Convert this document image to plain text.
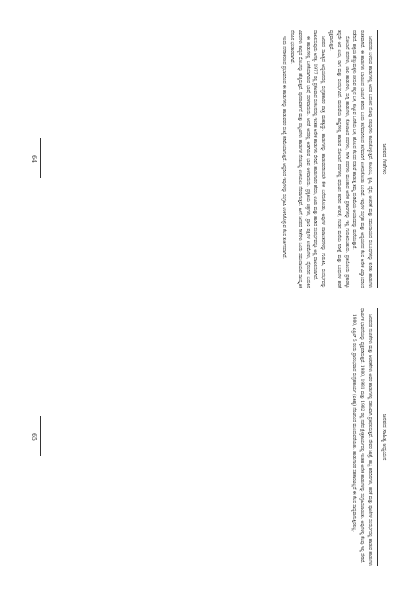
ಜನಪದ ಗೀತೆಗಳು

ಜನಪದರು ಬಳಸುವ ಹಾಡುಗಳಲ್ಲಿ ಅವರ ಬದುಕಿನ ನೋವು ನಲಿವುಗಳು ಕಾಣಿಸಿಕೊಳ್ಳುತ್ತವೆ. ಕುಟುಂಬ, ಕೃಷಿ, ದೈವ, ಆಚರಣೆ ಮತ್ತು ಸಮುದಾಯದ ಸಂಬಂಧಗಳನ್ನು ಕುರಿತು ಹಾಡುಗಳು ರಚಿತವಾಗಿವೆ. ಈ ಹಾಡುಗಳು ಬಾಯಿಂದ ಬಾಯಿಗೆ ಹರಿದು ಬಂದು ತಲೆಮಾರಿನಿಂದ ತಲೆಮಾರಿಗೆ ಉಳಿದುಕೊಂಡು ಬಂದಿವೆ. ಇವುಗಳ ಸಂಗ್ರಹ ಮತ್ತು ಅಧ್ಯಯನದ ಕೆಲಸ ಅನೇಕ ವಿದ್ವಾಂಸರಿಂದ ನಡೆದಿದೆ. ಹಳ್ಳಿಯ ಹೆಣ್ಣುಮಕ್ಕಳು ಬೀಸುವ ಕಲ್ಲಿನ ಬಳಿ, ಕುಟ್ಟುವ ಒನಕೆಯ ಬಳಿ, ಹೊಲದ ಕೆಲಸದ ನಡುವೆ ಹಾಡುತ್ತ ತಮ್ಮ ದುಡಿಮೆಯ ಆಯಾಸವನ್ನು ಮರೆಯುತ್ತಾರೆ.

ಸೋಬಾನೆ ಪದಗಳು, ಲಾಲಿ ಹಾಡುಗಳು, ಸುಗ್ಗಿ ಹಾಡುಗಳು, ಕೋಲಾಟದ ಪದಗಳು, ಗೀಗೀ ಪದಗಳು ಮುಂತಾದ ಅನೇಕ ಪ್ರಕಾರಗಳನ್ನು ಇಲ್ಲಿ ಗುರುತಿಸಬಹುದು. ಪ್ರತಿಯೊಂದು ಪ್ರಕಾರಕ್ಕೂ ತನ್ನದೇ ಆದ ಲಯ, ರಾಗ ಮತ್ತು ಸಂದರ್ಭವಿದೆ. ಮದುವೆಯ ಶಾಸ್ತ್ರಗಳಲ್ಲಿ ಹಾಡುವ ಸೋಬಾನೆ ಪದಗಳಲ್ಲಿ ವಧುವಿನ ತವರಿನ ಅಗಲಿಕೆ, ಗಂಡನ ಮನೆಯ ನಿರೀಕ್ಷೆ ಮತ್ತು ಬಂಧುಗಳ ಹರಕೆ ವ್ಯಕ್ತವಾಗುತ್ತವೆ.

ಜನಪದ ಸಾಹಿತ್ಯದ ಅಧ್ಯಯನದಲ್ಲಿ ಸಂಗ್ರಹಕಾರರ ಪಾತ್ರ ಮಹತ್ವದ್ದು. ಹಾಡುಗಳನ್ನು ಹಾಡುವವರಿಂದಲೇ ಕೇಳಿ ಬರೆದುಕೊಂಡು, ಅವುಗಳ ಪಾಠಾಂತರಗಳನ್ನು ಗುರುತಿಸಿ, ಸಂದರ್ಭವನ್ನು ದಾಖಲಿಸುವುದು ಅಗತ್ಯ. 1977 ರಲ್ಲಿ ಪ್ರಕಟವಾದ ಸಂಕಲನದಲ್ಲಿ ಇಂತಹ ಅನೇಕ ಹಾಡುಗಳು ಸೇರಿವೆ. ಹಾಡುಗಾರರ ಹೆಸರು, ಊರು ಮತ್ತು ಹಾಡಿದ ಸಂದರ್ಭವನ್ನೂ ಅಲ್ಲಿ ದಾಖಲಿಸಲಾಗಿದೆ.

ಈ ಹಾಡುಗಳಲ್ಲಿ ಬಳಕೆಯಾಗಿರುವ ಭಾಷೆ ಸರಳವಾದುದು. ಆದರೆ ಅದರಲ್ಲಿ ಅಡಗಿರುವ ಭಾವ ಆಳವಾದುದು. ಪ್ರಕೃತಿಯ ಚಿತ್ರಗಳು, ಪ್ರಾಣಿ ಪಕ್ಷಿಗಳ ಉಪಮೆಗಳು, ದೈನಂದಿನ ಬದುಕಿನ ವಿವರಗಳು ಕಾವ್ಯದ ಸೊಬಗನ್ನು ಹೆಚ್ಚಿಸುತ್ತವೆ. ಪುನರಾವರ್ತನೆ ಮತ್ತು ಪಲ್ಲವಿಗಳು ಹಾಡುಗಳ ನೆನಪಿನಲ್ಲಿ ಉಳಿಯಲು ನೆರವಾಗುತ್ತವೆ. ಹೀಗೆ ಜನಪದ ಗೀತೆಗಳು ಒಂದು ಸಮುದಾಯದ ಸಾಂಸ್ಕೃತಿಕ ನೆನಪಿನ ಭಂಡಾರವಾಗಿವೆ.

ಇಂದು ನಗರೀಕರಣದ ಪ್ರಭಾವದಿಂದ ಈ ಹಾಡುಗಳನ್ನು ಹಾಡುವವರ ಸಂಖ್ಯೆ ಕಡಿಮೆಯಾಗುತ್ತಿದೆ. ಆದ್ದರಿಂದ ಇವುಗಳನ್ನು ಸಂಗ್ರಹಿಸಿ ಉಳಿಸಿಕೊಳ್ಳುವ ಕೆಲಸ ತುರ್ತಿನದಾಗಿದೆ.

64
ಜನಪದ ಸಾಹಿತ್ಯ ಅಧ್ಯಯನ

ಜನಪದರ ನಂಬಿಕೆಗಳು ಮತ್ತು ಆಚರಣೆಗಳು ಅವರ ಹಾಡುಗಳಲ್ಲಿ ಸಹಜವಾಗಿ ಪ್ರತಿಫಲಿಸುತ್ತವೆ. ದೇವರ ಜಾತ್ರೆ, ಹಬ್ಬ ಹರಿದಿನಗಳು, ಹರಕೆ ಮತ್ತು ಪೂಜೆಗಳ ಸಂದರ್ಭದಲ್ಲಿ ಹಾಡುವ ಹಾಡುಗಳು ಧಾರ್ಮಿಕ ಭಾವನೆಯನ್ನು ವ್ಯಕ್ತಪಡಿಸುತ್ತವೆ. 1980, 1981 ಮತ್ತು 1982 ರಲ್ಲಿ ನಡೆದ ಕ್ಷೇತ್ರಕಾರ್ಯದಲ್ಲಿ ಇಂತಹ ಅನೇಕ ಹಾಡುಗಳನ್ನು ಸಂಗ್ರಹಿಸಲಾಯಿತು. ಅವುಗಳಲ್ಲಿ ಕೆಲವು ಇಲ್ಲಿ ಸೇರಿವೆ.

1980, ಏಪ್ರಿಲ್ 5 ರಂದು ಪ್ರಾರಂಭವಾದ ಸಂಗ್ರಹಕಾರ್ಯ (ಐತಿಹ್ಯ) ನೆರವಿನಿಂದ ಮುಂದುವರೆಯಿತು. ಹಾಡುಗಾರರ ಸಹಕಾರವಿಲ್ಲದೆ ಈ ಕೆಲಸ ಸಾಧ್ಯವಾಗುತ್ತಿರಲಿಲ್ಲ.

65
